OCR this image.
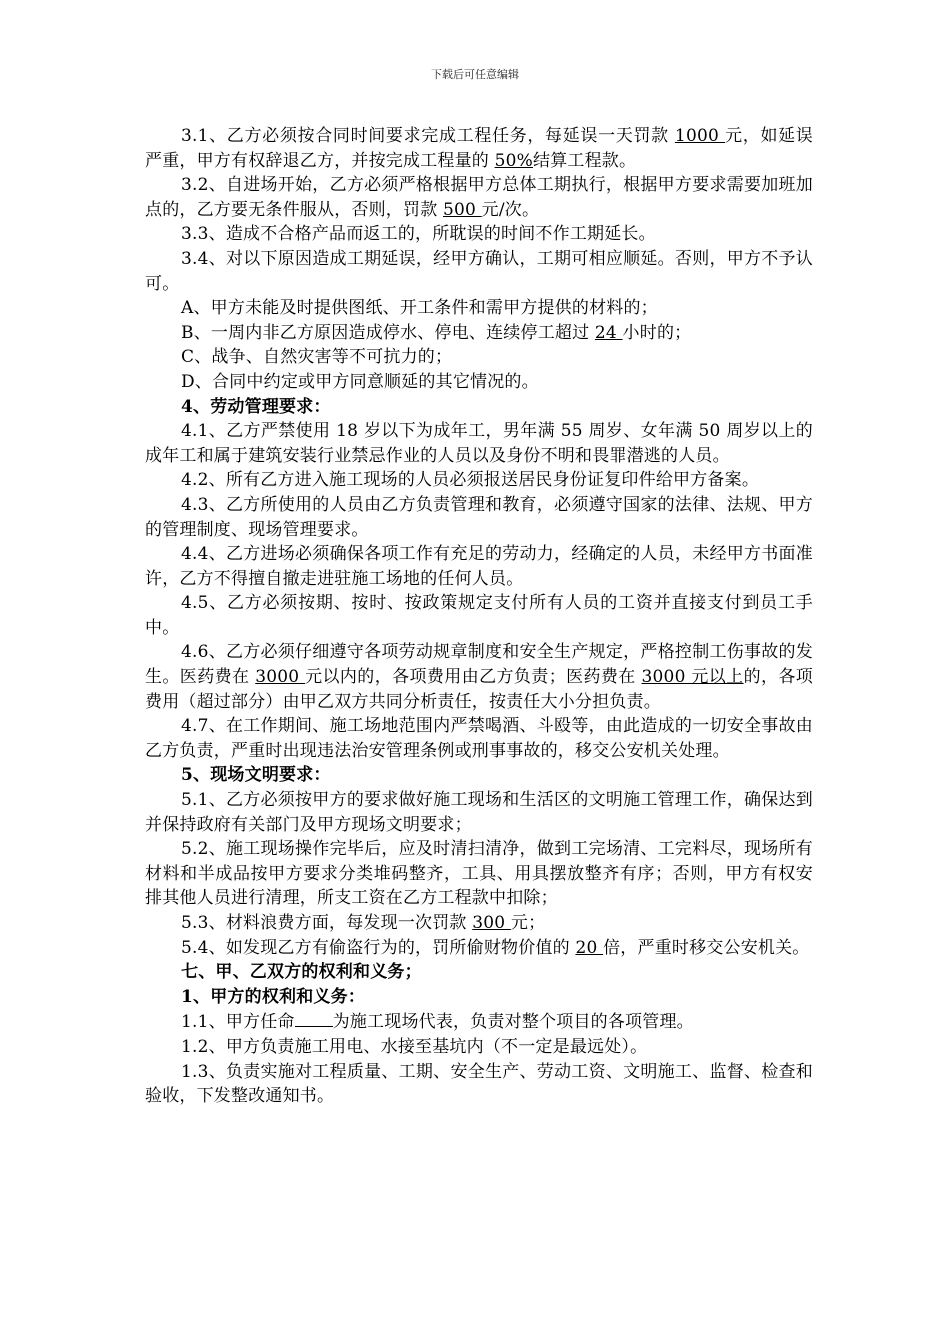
下载后可任意编辑

3.1、乙方必须按合同时间要求完成工程任务，每延误一天罚款 1000 元，如延误严重，甲方有权辞退乙方，并按完成工程量的 50%结算工程款。

3.2、自进场开始，乙方必须严格根据甲方总体工期执行，根据甲方要求需要加班加点的，乙方要无条件服从，否则，罚款 500 元/次。

3.3、造成不合格产品而返工的，所耽误的时间不作工期延长。

3.4、对以下原因造成工期延误，经甲方确认，工期可相应顺延。否则，甲方不予认可。

A、甲方未能及时提供图纸、开工条件和需甲方提供的材料的；

B、一周内非乙方原因造成停水、停电、连续停工超过 24 小时的；

C、战争、自然灾害等不可抗力的；

D、合同中约定或甲方同意顺延的其它情况的。

4、劳动管理要求：

4.1、乙方严禁使用 18 岁以下为成年工，男年满 55 周岁、女年满 50 周岁以上的成年工和属于建筑安装行业禁忌作业的人员以及身份不明和畏罪潜逃的人员。

4.2、所有乙方进入施工现场的人员必须报送居民身份证复印件给甲方备案。

4.3、乙方所使用的人员由乙方负责管理和教育，必须遵守国家的法律、法规、甲方的管理制度、现场管理要求。

4.4、乙方进场必须确保各项工作有充足的劳动力，经确定的人员，未经甲方书面准许，乙方不得擅自撤走进驻施工场地的任何人员。

4.5、乙方必须按期、按时、按政策规定支付所有人员的工资并直接支付到员工手中。

4.6、乙方必须仔细遵守各项劳动规章制度和安全生产规定，严格控制工伤事故的发生。医药费在 3000 元以内的，各项费用由乙方负责；医药费在 3000 元以上的，各项费用（超过部分）由甲乙双方共同分析责任，按责任大小分担负责。

4.7、在工作期间、施工场地范围内严禁喝酒、斗殴等，由此造成的一切安全事故由乙方负责，严重时出现违法治安管理条例或刑事事故的，移交公安机关处理。

5、现场文明要求：

5.1、乙方必须按甲方的要求做好施工现场和生活区的文明施工管理工作，确保达到并保持政府有关部门及甲方现场文明要求；

5.2、施工现场操作完毕后，应及时清扫清净，做到工完场清、工完料尽，现场所有材料和半成品按甲方要求分类堆码整齐，工具、用具摆放整齐有序；否则，甲方有权安排其他人员进行清理，所支工资在乙方工程款中扣除；

5.3、材料浪费方面，每发现一次罚款 300 元；

5.4、如发现乙方有偷盗行为的，罚所偷财物价值的 20 倍，严重时移交公安机关。

七、甲、乙双方的权利和义务；

1、甲方的权利和义务：

1.1、甲方任命 为施工现场代表，负责对整个项目的各项管理。

1.2、甲方负责施工用电、水接至基坑内（不一定是最远处）。

1.3、负责实施对工程质量、工期、安全生产、劳动工资、文明施工、监督、检查和验收，下发整改通知书。
